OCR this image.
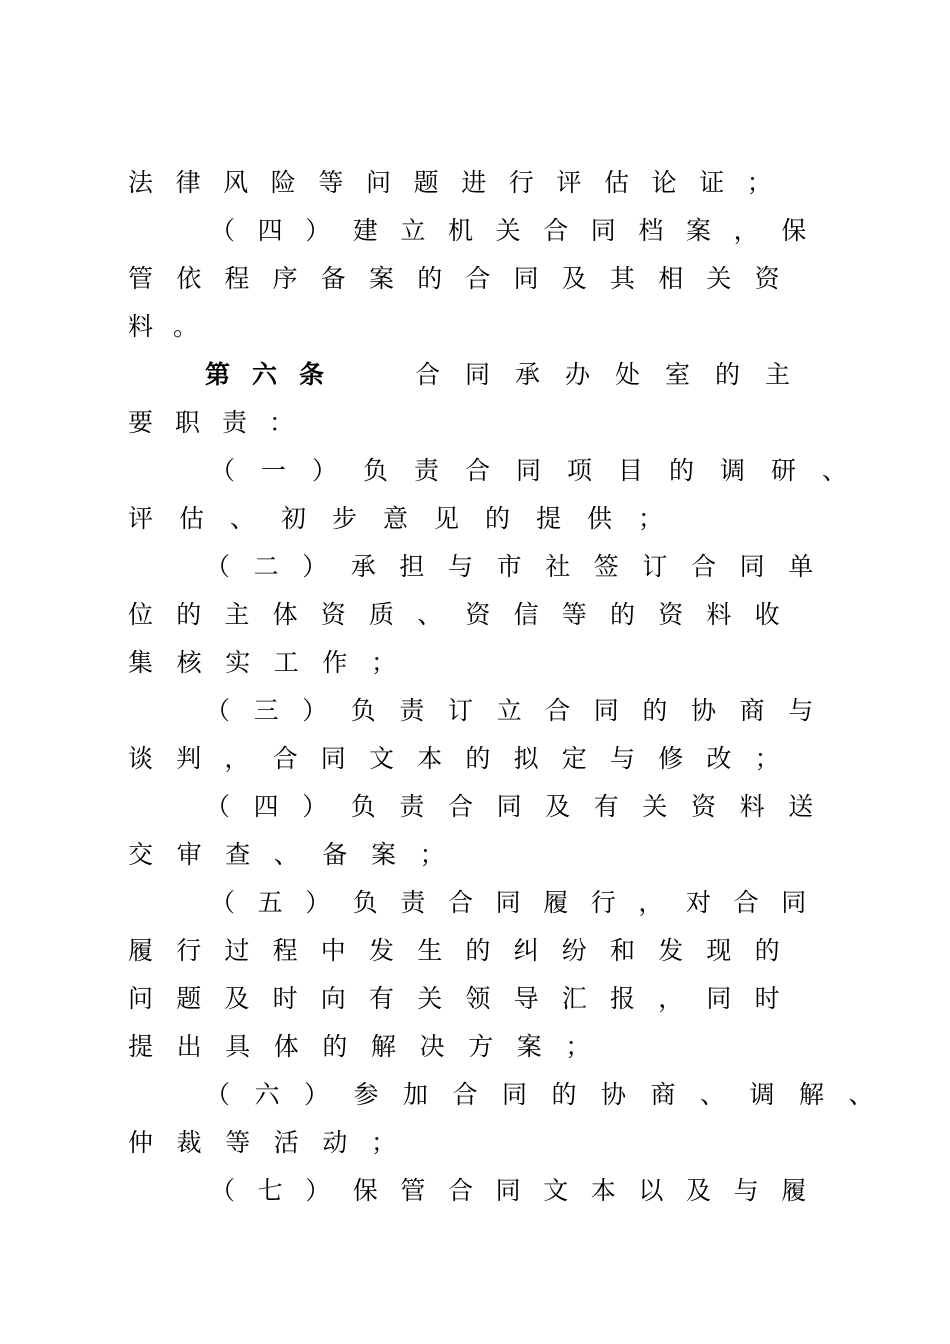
法律风险等问题进行评估论证；
（四）建立机关合同档案，保
管依程序备案的合同及其相关资
料。
第六条	合同承办处室的主
要职责：
（一）负责合同项目的调研、
评估、初步意见的提供；
（二）承担与市社签订合同单
位的主体资质、资信等的资料收
集核实工作；
（三）负责订立合同的协商与
谈判，合同文本的拟定与修改；
（四）负责合同及有关资料送
交审查、备案；
（五）负责合同履行，对合同
履行过程中发生的纠纷和发现的
问题及时向有关领导汇报，同时
提出具体的解决方案；
（六）参加合同的协商、调解、
仲裁等活动；
（七）保管合同文本以及与履
